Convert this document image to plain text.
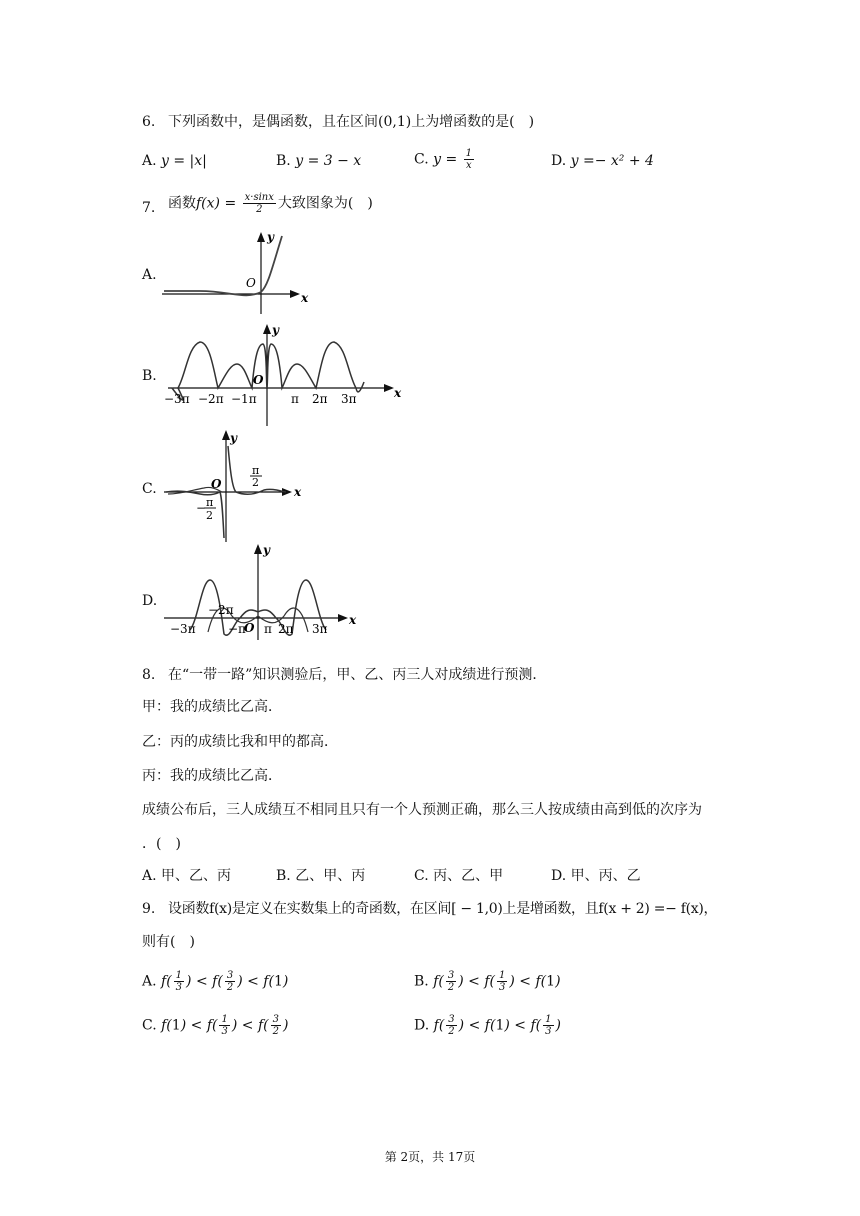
6. 下列函数中，是偶函数，且在区间(0,1)上为增函数的是(　)
A. y = |x|	B. y = 3 − x	C. $y = \frac{1}{x}$	D. y =− x² + 4
7. 函数$f(x) = \frac{x\cdot\sin x}{2}$ 大致图象为(　)
A.
B.
C.
D.
y
x
O
−3π −2π −1π	π 2π 3π
y
x
O
y
x
O
π
2
− π
2
−3π
−2π
−π
O π 2π 3π
y
x
8. 在“一带一路”知识测验后，甲、乙、丙三人对成绩进行预测．
甲：我的成绩比乙高．
乙：丙的成绩比我和甲的都高．
丙：我的成绩比乙高．
成绩公布后，三人成绩互不相同且只有一个人预测正确，那么三人按成绩由高到低的次序为
．(　)
A. 甲、乙、丙	B. 乙、甲、丙	C. 丙、乙、甲	D. 甲、丙、乙
9. 设函数f(x)是定义在实数集上的奇函数，在区间[ − 1,0)上是增函数，且f(x + 2) =− f(x)，
则有(　)
A. $f( \frac{1}{3}$ ) < $f( \frac{3}{2}$ ) < f(1)	B. $f( \frac{3}{2}$ ) < $f( \frac{1}{3}$ ) < f(1)
C. $f(1) < f( \frac{1}{3}$ ) < $f( \frac{3}{2}$ )	D. $f( \frac{3}{2}$ ) < $f(1) < f( \frac{1}{3}$ )
第 2页，共 17页
